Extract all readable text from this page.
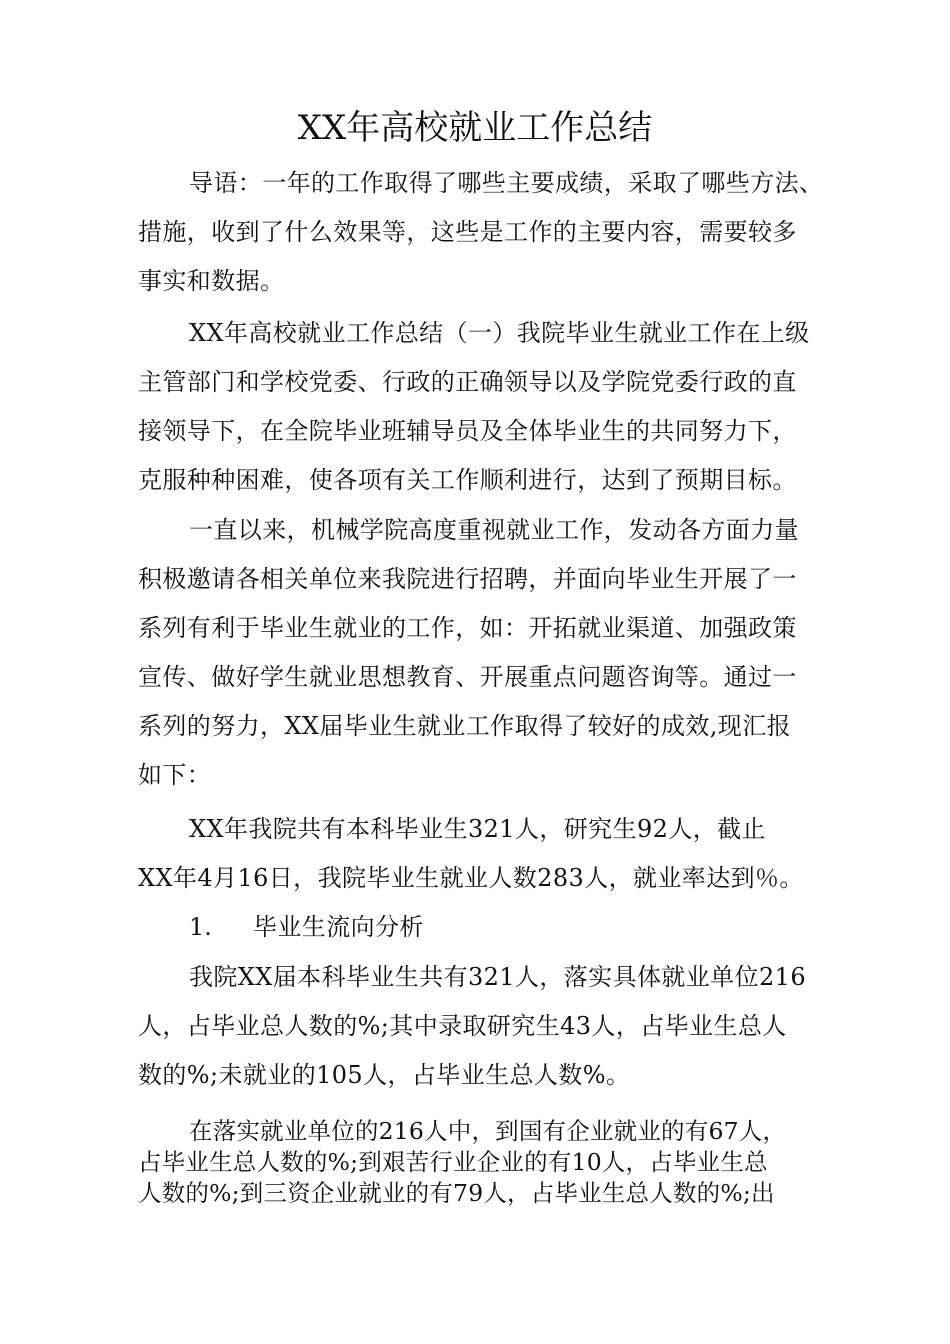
XX年高校就业工作总结
导语：一年的工作取得了哪些主要成绩，采取了哪些方法、
措施，收到了什么效果等，这些是工作的主要内容，需要较多
事实和数据。
XX年高校就业工作总结（一）我院毕业生就业工作在上级
主管部门和学校党委、行政的正确领导以及学院党委行政的直
接领导下，在全院毕业班辅导员及全体毕业生的共同努力下，
克服种种困难，使各项有关工作顺利进行，达到了预期目标。
一直以来，机械学院高度重视就业工作，发动各方面力量
积极邀请各相关单位来我院进行招聘，并面向毕业生开展了一
系列有利于毕业生就业的工作，如：开拓就业渠道、加强政策
宣传、做好学生就业思想教育、开展重点问题咨询等。通过一
系列的努力，XX届毕业生就业工作取得了较好的成效,现汇报
如下：
XX年我院共有本科毕业生321人，研究生92人，截止
XX年4月16日，我院毕业生就业人数283人，就业率达到％。
1. 毕业生流向分析
我院XX届本科毕业生共有321人，落实具体就业单位216
人，占毕业总人数的%;其中录取研究生43人，占毕业生总人
数的%;未就业的105人，占毕业生总人数%。
在落实就业单位的216人中，到国有企业就业的有67人，
占毕业生总人数的%;到艰苦行业企业的有10人，占毕业生总
人数的%;到三资企业就业的有79人，占毕业生总人数的%;出
